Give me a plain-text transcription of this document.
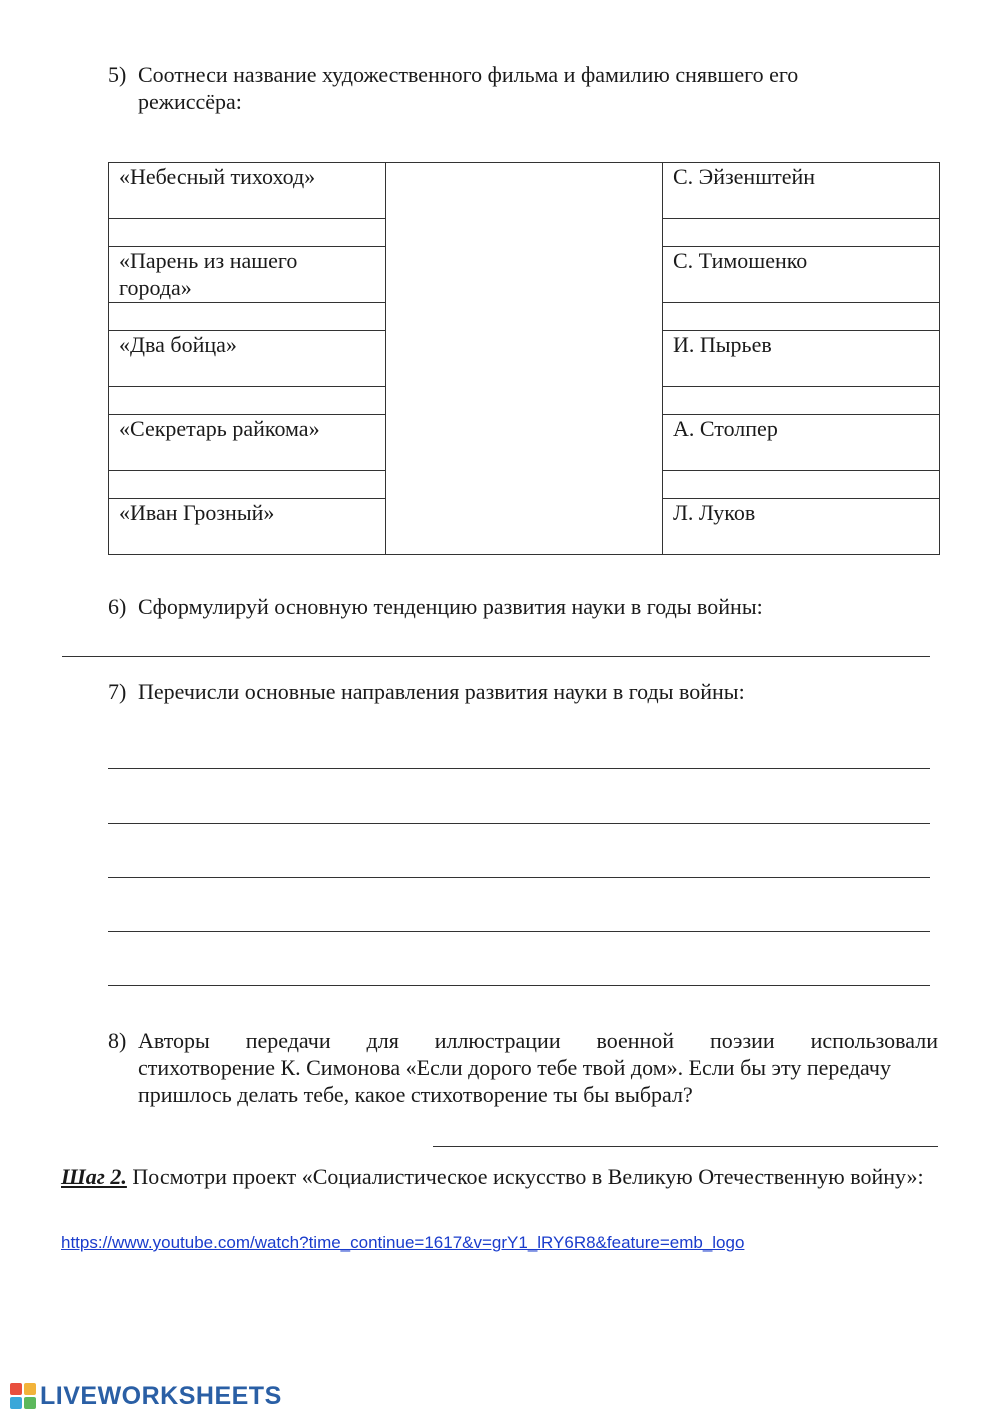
5) Соотнеси название художественного фильма и фамилию снявшего его
режиссёра:
«Небесный тихоход»		С. Эйзенштейн

«Парень из нашего города»		С. Тимошенко

«Два бойца»		И. Пырьев

«Секретарь райкома»		А. Столпер

«Иван Грозный»		Л. Луков
6) Сформулируй основную тенденцию развития науки в годы войны:
7) Перечисли основные направления развития науки в годы войны:
8) Авторы передачи для иллюстрации военной поэзии использовали
стихотворение К. Симонова «Если дорого тебе твой дом». Если бы эту передачу
пришлось делать тебе, какое стихотворение ты бы выбрал?
Шаг 2. Посмотри проект «Социалистическое искусство в Великую Отечественную войну»:
https://www.youtube.com/watch?time_continue=1617&v=grY1_lRY6R8&feature=emb_logo
LIVEWORKSHEETS
